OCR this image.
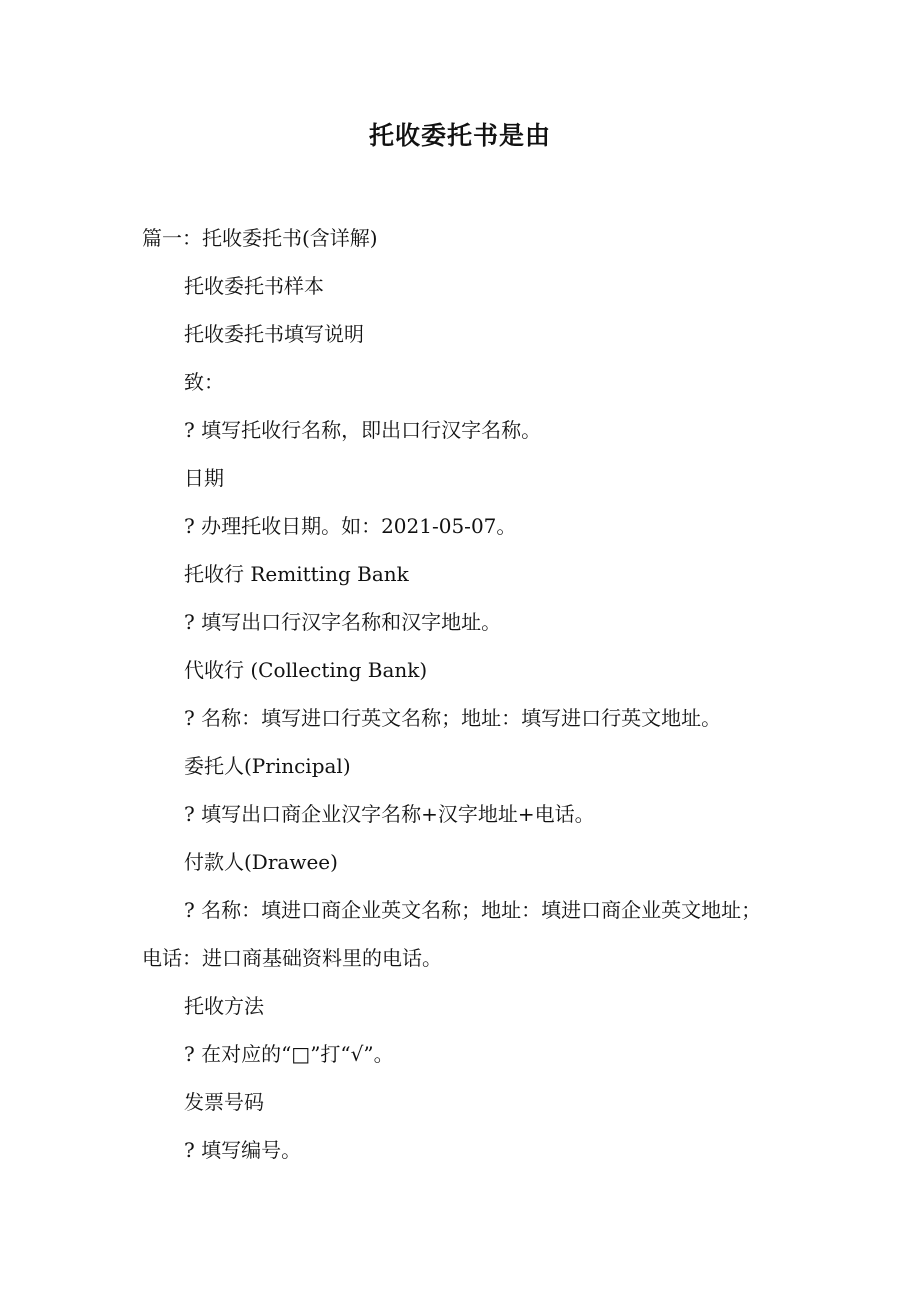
托收委托书是由
篇一：托收委托书(含详解)
托收委托书样本
托收委托书填写说明
致：
? 填写托收行名称，即出口行汉字名称。
日期
? 办理托收日期。如：2021-05-07。
托收行 Remitting Bank
? 填写出口行汉字名称和汉字地址。
代收行 (Collecting Bank)
? 名称：填写进口行英文名称；地址：填写进口行英文地址。
委托人(Principal)
? 填写出口商企业汉字名称+汉字地址+电话。
付款人(Drawee)
? 名称：填进口商企业英文名称；地址：填进口商企业英文地址；
电话：进口商基础资料里的电话。
托收方法
? 在对应的“□”打“√”。
发票号码
? 填写编号。
